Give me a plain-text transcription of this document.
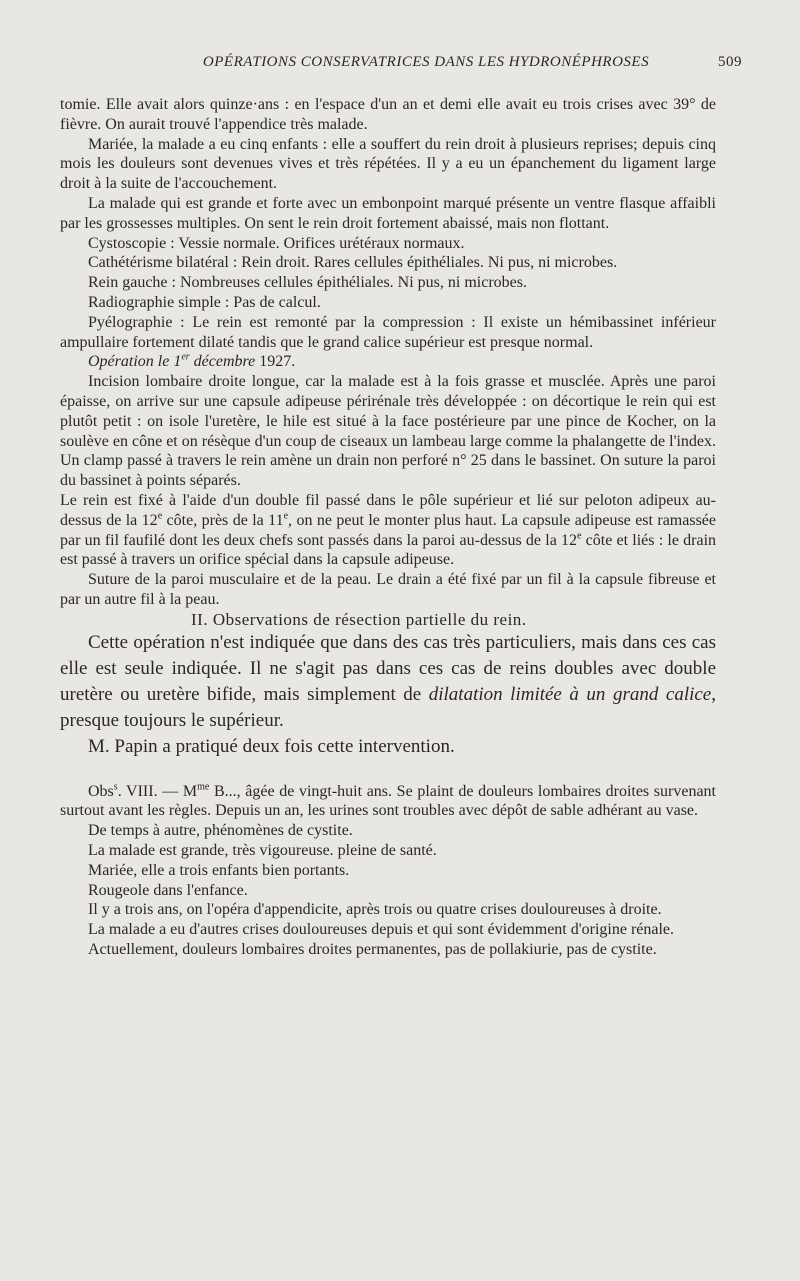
OPÉRATIONS CONSERVATRICES DANS LES HYDRONÉPHROSES	509

tomie. Elle avait alors quinze·ans : en l'espace d'un an et demi elle avait eu trois crises avec 39° de fièvre. On aurait trouvé l'appendice très malade.

Mariée, la malade a eu cinq enfants : elle a souffert du rein droit à plusieurs reprises; depuis cinq mois les douleurs sont devenues vives et très répétées. Il y a eu un épanchement du ligament large droit à la suite de l'accouchement.

La malade qui est grande et forte avec un embonpoint marqué présente un ventre flasque affaibli par les grossesses multiples. On sent le rein droit fortement abaissé, mais non flottant.

Cystoscopie : Vessie normale. Orifices urétéraux normaux.

Cathétérisme bilatéral : Rein droit. Rares cellules épithéliales. Ni pus, ni microbes.

Rein gauche : Nombreuses cellules épithéliales. Ni pus, ni microbes.

Radiographie simple : Pas de calcul.

Pyélographie : Le rein est remonté par la compression : Il existe un hémibassinet inférieur ampullaire fortement dilaté tandis que le grand calice supérieur est presque normal.

Opération le 1er décembre 1927.

Incision lombaire droite longue, car la malade est à la fois grasse et musclée. Après une paroi épaisse, on arrive sur une capsule adipeuse périrénale très développée : on décortique le rein qui est plutôt petit : on isole l'uretère, le hile est situé à la face postérieure par une pince de Kocher, on la soulève en cône et on résèque d'un coup de ciseaux un lambeau large comme la phalangette de l'index. Un clamp passé à travers le rein amène un drain non perforé n° 25 dans le bassinet. On suture la paroi du bassinet à points séparés.

Le rein est fixé à l'aide d'un double fil passé dans le pôle supérieur et lié sur peloton adipeux au-dessus de la 12e côte, près de la 11e, on ne peut le monter plus haut. La capsule adipeuse est ramassée par un fil faufilé dont les deux chefs sont passés dans la paroi au-dessus de la 12e côte et liés : le drain est passé à travers un orifice spécial dans la capsule adipeuse.

Suture de la paroi musculaire et de la peau. Le drain a été fixé par un fil à la capsule fibreuse et par un autre fil à la peau.

II. Observations de résection partielle du rein.

Cette opération n'est indiquée que dans des cas très particuliers, mais dans ces cas elle est seule indiquée. Il ne s'agit pas dans ces cas de reins doubles avec double uretère ou uretère bifide, mais simplement de dilatation limitée à un grand calice, presque toujours le supérieur.

M. Papin a pratiqué deux fois cette intervention.

Obs$^s$. VIII. — $M^{me}$ B..., âgée de vingt-huit ans. Se plaint de douleurs lombaires droites survenant surtout avant les règles. Depuis un an, les urines sont troubles avec dépôt de sable adhérant au vase.

De temps à autre, phénomènes de cystite.

La malade est grande, très vigoureuse. pleine de santé.

Mariée, elle a trois enfants bien portants.

Rougeole dans l'enfance.

Il y a trois ans, on l'opéra d'appendicite, après trois ou quatre crises douloureuses à droite.

La malade a eu d'autres crises douloureuses depuis et qui sont évidemment d'origine rénale.

Actuellement, douleurs lombaires droites permanentes, pas de pollakiurie, pas de cystite.
